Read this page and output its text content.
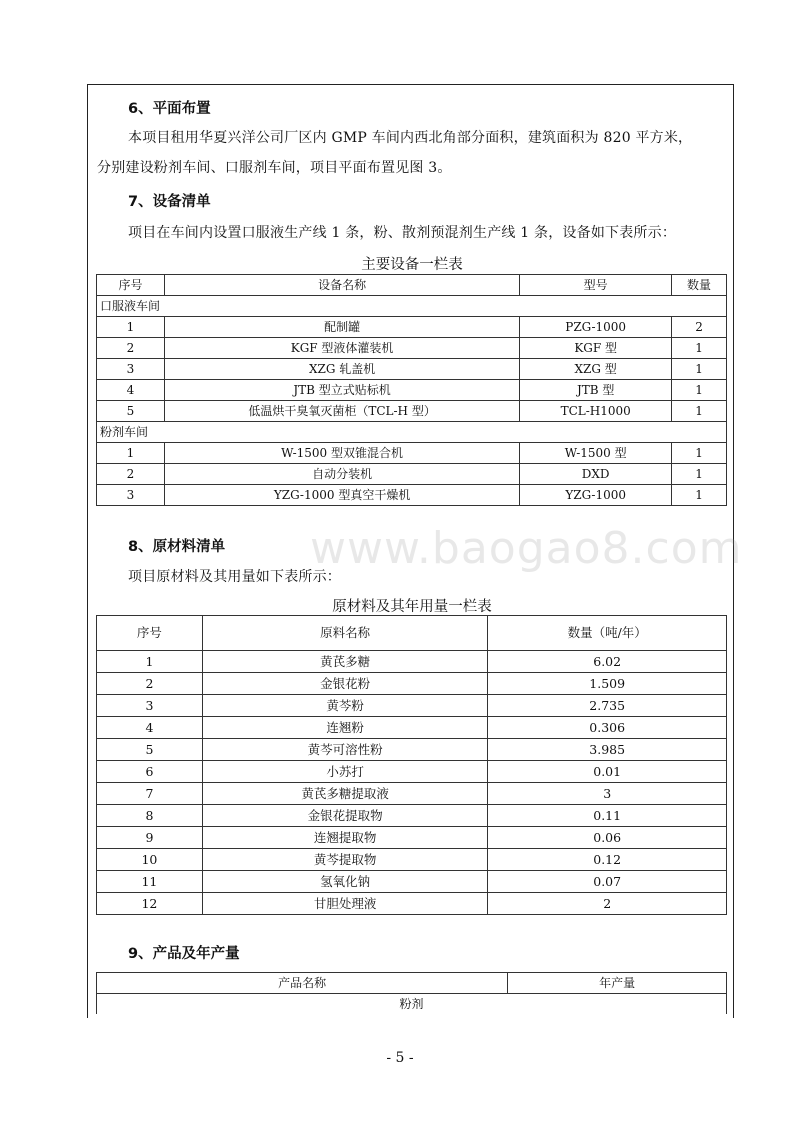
6、平面布置
本项目租用华夏兴洋公司厂区内 GMP 车间内西北角部分面积，建筑面积为 820 平方米，
分别建设粉剂车间、口服剂车间，项目平面布置见图 3。
7、设备清单
项目在车间内设置口服液生产线 1 条，粉、散剂预混剂生产线 1 条，设备如下表所示：
主要设备一栏表
序号	设备名称	型号	数量
口服液车间			
1	配制罐	PZG-1000	2
2	KGF 型液体灌装机	KGF 型	1
3	XZG 轧盖机	XZG 型	1
4	JTB 型立式贴标机	JTB 型	1
5	低温烘干臭氧灭菌柜（TCL-H 型）	TCL-H1000	1
粉剂车间			
1	W-1500 型双锥混合机	W-1500 型	1
2	自动分装机	DXD	1
3	YZG-1000 型真空干燥机	YZG-1000	1
www.baogao8.com
8、原材料清单
项目原材料及其用量如下表所示：
原材料及其年用量一栏表
序号	原料名称	数量（吨/年）
1	黄芪多糖	6.02
2	金银花粉	1.509
3	黄芩粉	2.735
4	连翘粉	0.306
5	黄芩可溶性粉	3.985
6	小苏打	0.01
7	黄芪多糖提取液	3
8	金银花提取物	0.11
9	连翘提取物	0.06
10	黄芩提取物	0.12
11	氢氧化钠	0.07
12	甘胆处理液	2
9、产品及年产量
产品名称	年产量
粉剂
- 5 -
